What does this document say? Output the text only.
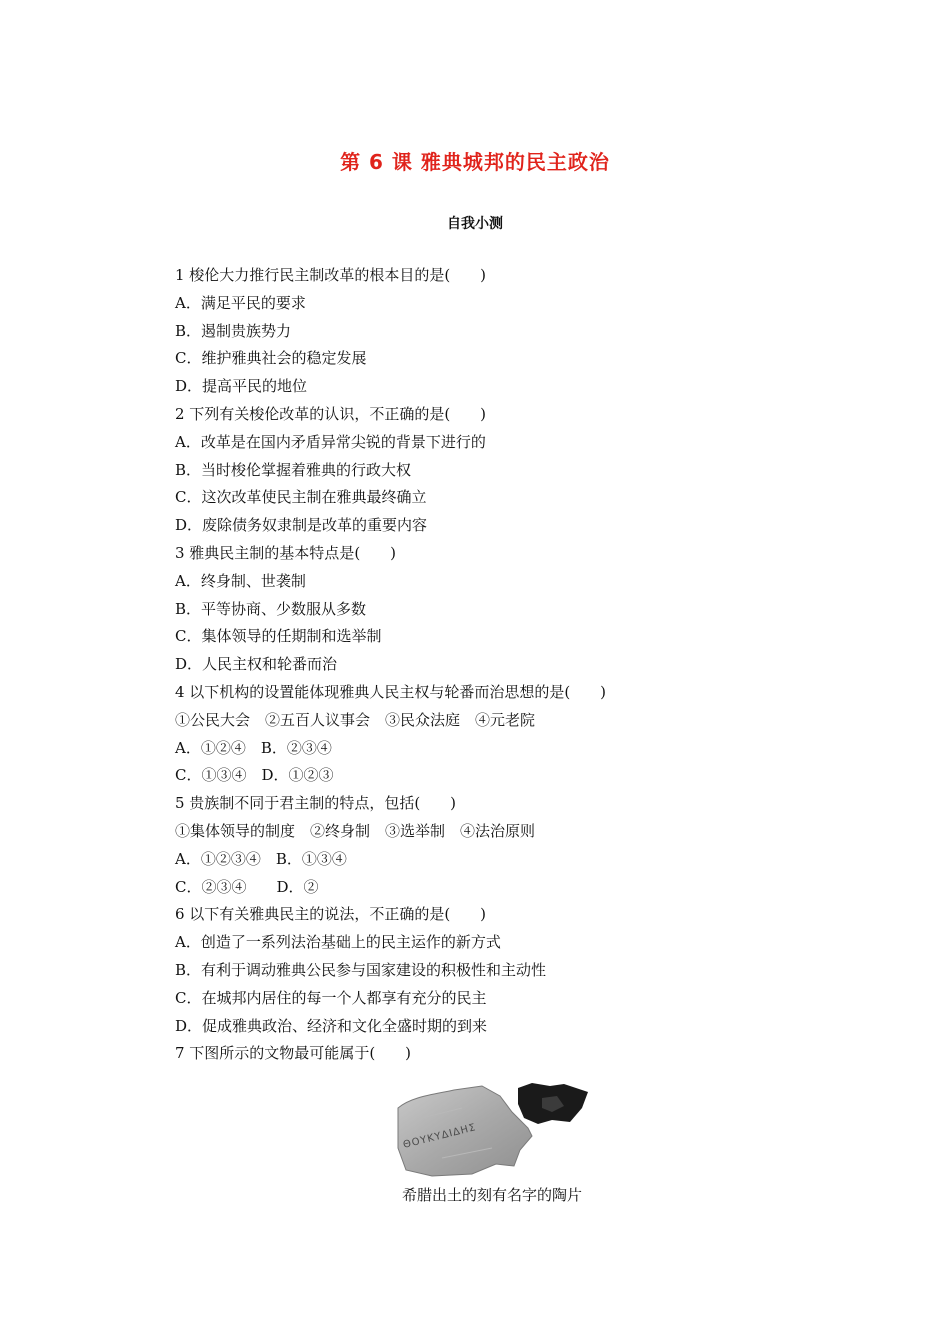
第 6 课 雅典城邦的民主政治
自我小测
1 梭伦大力推行民主制改革的根本目的是(　　)
A．满足平民的要求
B．遏制贵族势力
C．维护雅典社会的稳定发展
D．提高平民的地位
2 下列有关梭伦改革的认识，不正确的是(　　)
A．改革是在国内矛盾异常尖锐的背景下进行的
B．当时梭伦掌握着雅典的行政大权
C．这次改革使民主制在雅典最终确立
D．废除债务奴隶制是改革的重要内容
3 雅典民主制的基本特点是(　　)
A．终身制、世袭制
B．平等协商、少数服从多数
C．集体领导的任期制和选举制
D．人民主权和轮番而治
4 以下机构的设置能体现雅典人民主权与轮番而治思想的是(　　)
①公民大会　②五百人议事会　③民众法庭　④元老院
A．①②④　B．②③④
C．①③④　D．①②③
5 贵族制不同于君主制的特点，包括(　　)
①集体领导的制度　②终身制　③选举制　④法治原则
A．①②③④　B．①③④
C．②③④　　D．②
6 以下有关雅典民主的说法，不正确的是(　　)
A．创造了一系列法治基础上的民主运作的新方式
B．有利于调动雅典公民参与国家建设的积极性和主动性
C．在城邦内居住的每一个人都享有充分的民主
D．促成雅典政治、经济和文化全盛时期的到来
7 下图所示的文物最可能属于(　　)
ΘΟΥΚΥΔΙΔΗΣ
希腊出土的刻有名字的陶片
